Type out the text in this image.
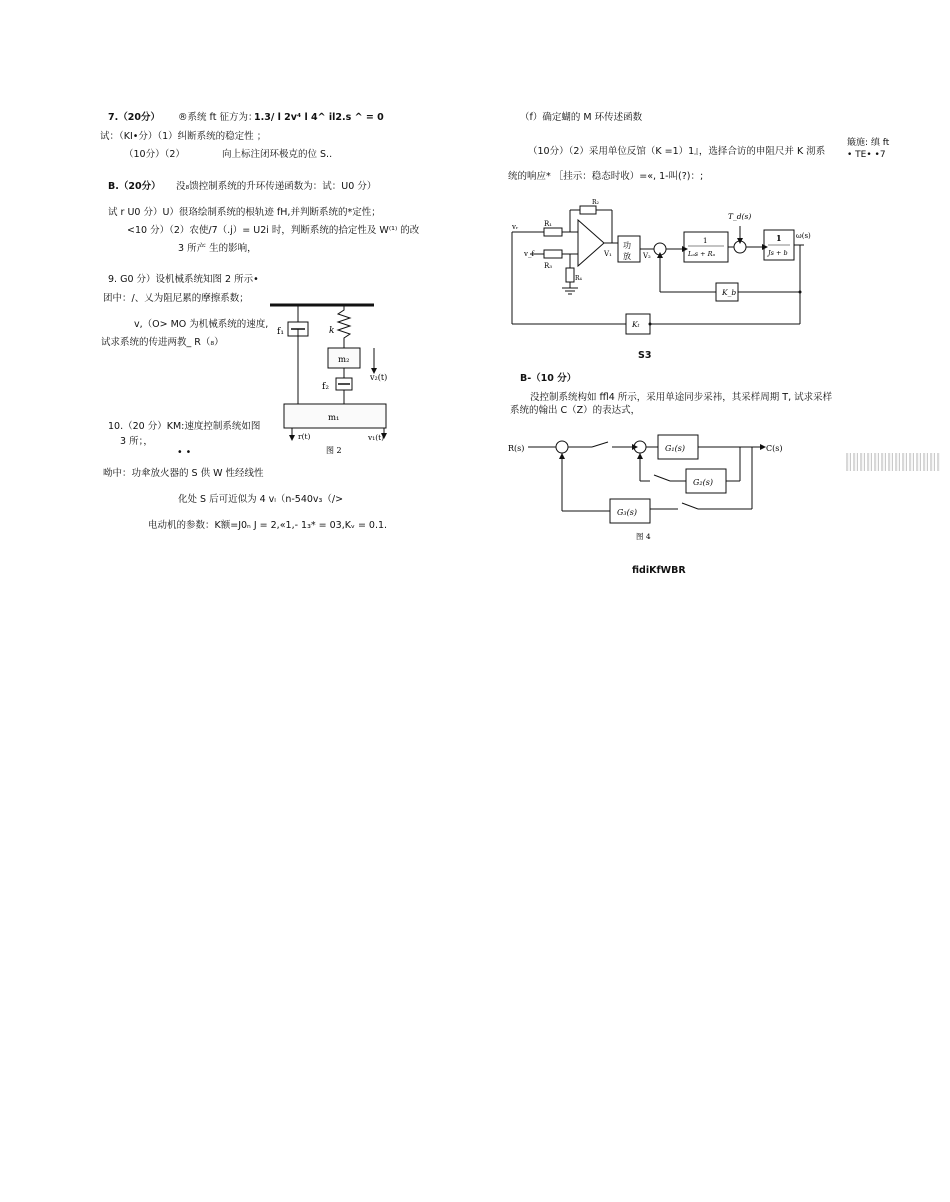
7.（20分） ®系统 ft 征方为：
1.3/ l 2v⁴ l 4^ il2.s ^ = 0
试：（KI•分）（1）纠断系统的稳定性 ；
（10分）（2）	向上标注闭环极克的位 S..
B.（20分） 没₈馈控制系统的升环传递函数为：试：U0 分）
试 r U0 分）U）很珞绘制系统的根轨迹 fH,并判断系统的*定性；
<10 分）（2）农使/7（.j）= U2i 时，判断系统的拾定性及 W⁽¹⁾ 的改
3 所产 生的影响，
9. G0 分）设机械系统知图 2 所示•
团中：/、乂为阻尼累的摩擦系数；
v,（O> MO 为机械系统的速度,
试求系统的传进两教_ R（₈）
10.（20 分）KM:速度控制系统如图
3 所；，
• •
呦中：功傘放火器的 S 供 W 性经线性
化处 S 后可近似为 4 vₗ（n-540v₃（/>
电动机的参数：K额=J0ₙ J = 2,«1,- 1₃* = 03,Kᵥ = 0.1.
f₁	k
m₂
v₂(t)
f₂
m₁
r(t)	v₁(t)
图 2
（f）确定蝴的 M 环传述函数
（10分）（2）采用单位反馆（K =1）1』，选择合访的申阻尺并 K 沏系
统的响应* ［挂示：稳态时收）=«, 1-叫(?)：;
簸施: 缜 ft
• TE• •7
vᵣ	R₁
R₂
R₃
R₄
v_f	V₁
功
放 V₂
1
Lₐs + Rₐ
T_d(s)
1
Js + b
ω(s)
K_b
Kₜ
S3
B-（10 分）
没控制系统构如 ffl4 所示，采用单途同步采祎，其采样周期 T, 试求采样
系统的翰出 C（Z）的表达式，
R(s)	G₁(s)
G₂(s)
G₃(s)
C(s)
图 4
fidiKfWBR
